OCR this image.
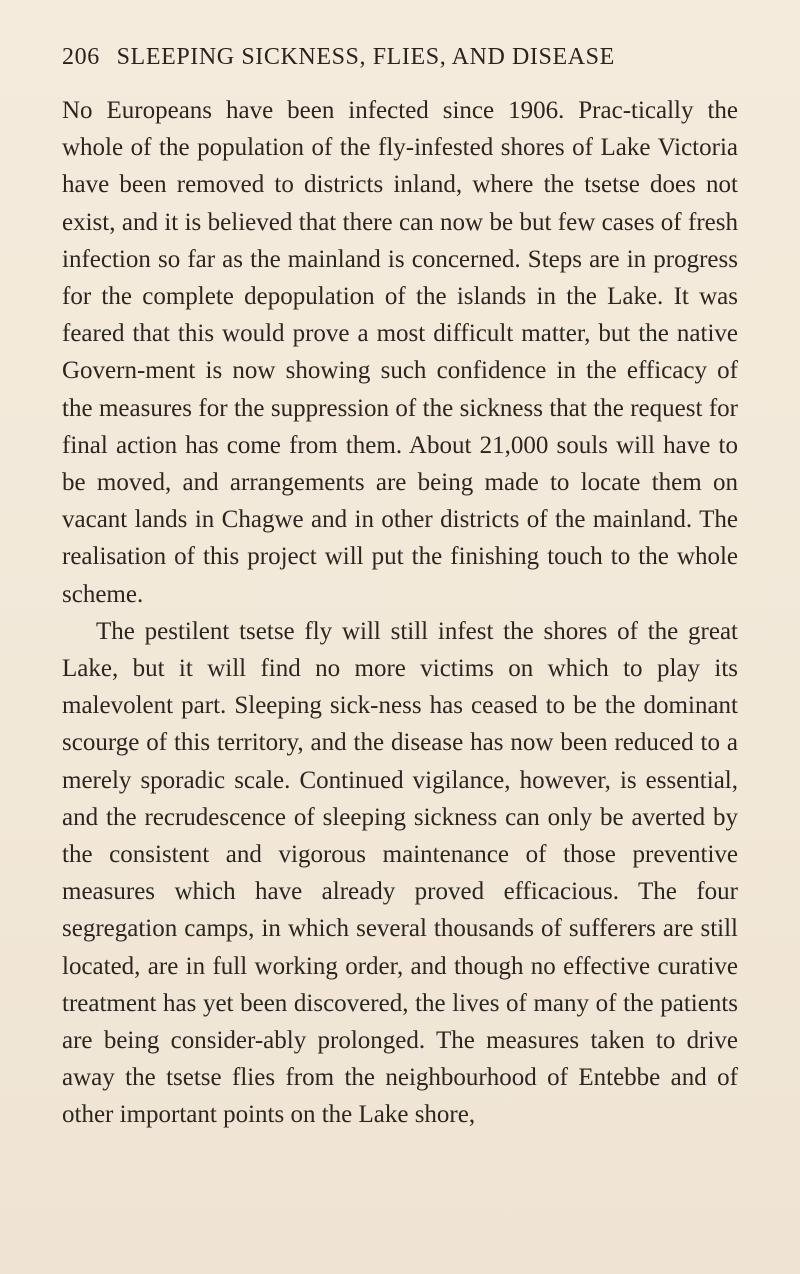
206 SLEEPING SICKNESS, FLIES, AND DISEASE

No Europeans have been infected since 1906. Prac-tically the whole of the population of the fly-infested shores of Lake Victoria have been removed to districts inland, where the tsetse does not exist, and it is believed that there can now be but few cases of fresh infection so far as the mainland is concerned. Steps are in progress for the complete depopulation of the islands in the Lake. It was feared that this would prove a most difficult matter, but the native Govern-ment is now showing such confidence in the efficacy of the measures for the suppression of the sickness that the request for final action has come from them. About 21,000 souls will have to be moved, and arrangements are being made to locate them on vacant lands in Chagwe and in other districts of the mainland. The realisation of this project will put the finishing touch to the whole scheme.

The pestilent tsetse fly will still infest the shores of the great Lake, but it will find no more victims on which to play its malevolent part. Sleeping sick-ness has ceased to be the dominant scourge of this territory, and the disease has now been reduced to a merely sporadic scale. Continued vigilance, however, is essential, and the recrudescence of sleeping sickness can only be averted by the consistent and vigorous maintenance of those preventive measures which have already proved efficacious. The four segregation camps, in which several thousands of sufferers are still located, are in full working order, and though no effective curative treatment has yet been discovered, the lives of many of the patients are being consider-ably prolonged. The measures taken to drive away the tsetse flies from the neighbourhood of Entebbe and of other important points on the Lake shore,
